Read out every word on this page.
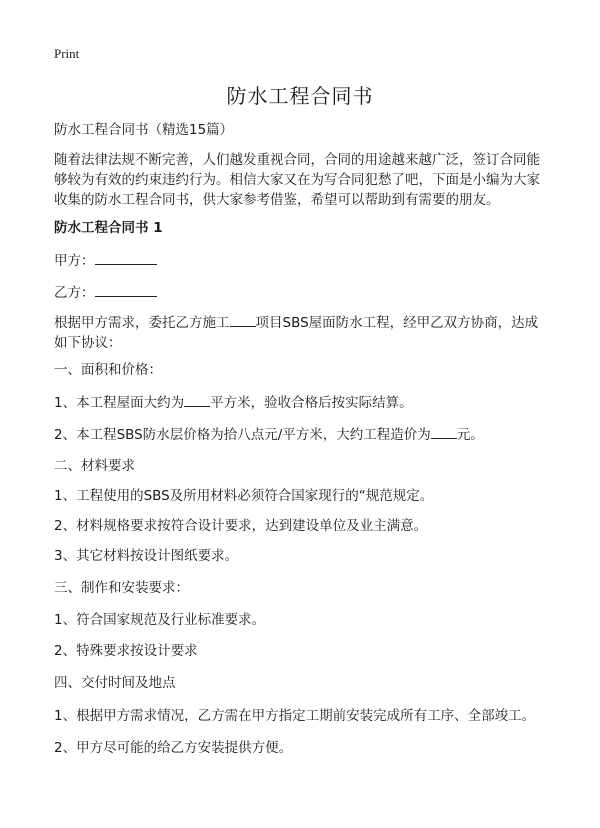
Print
防水工程合同书

防水工程合同书（精选15篇）

随着法律法规不断完善，人们越发重视合同，合同的用途越来越广泛，签订合同能够较为有效的约束违约行为。相信大家又在为写合同犯愁了吧，下面是小编为大家收集的防水工程合同书，供大家参考借鉴，希望可以帮助到有需要的朋友。

防水工程合同书 1

甲方：

乙方：

根据甲方需求，委托乙方施工 项目SBS屋面防水工程，经甲乙双方协商，达成如下协议：

一、面积和价格：

1、本工程屋面大约为 平方米，验收合格后按实际结算。

2、本工程SBS防水层价格为拾八点元/平方米，大约工程造价为 元。

二、材料要求

1、工程使用的SBS及所用材料必须符合国家现行的“规范规定。

2、材料规格要求按符合设计要求，达到建设单位及业主满意。

3、其它材料按设计图纸要求。

三、制作和安装要求：

1、符合国家规范及行业标准要求。

2、特殊要求按设计要求

四、交付时间及地点

1、根据甲方需求情况，乙方需在甲方指定工期前安装完成所有工序、全部竣工。

2、甲方尽可能的给乙方安装提供方便。
